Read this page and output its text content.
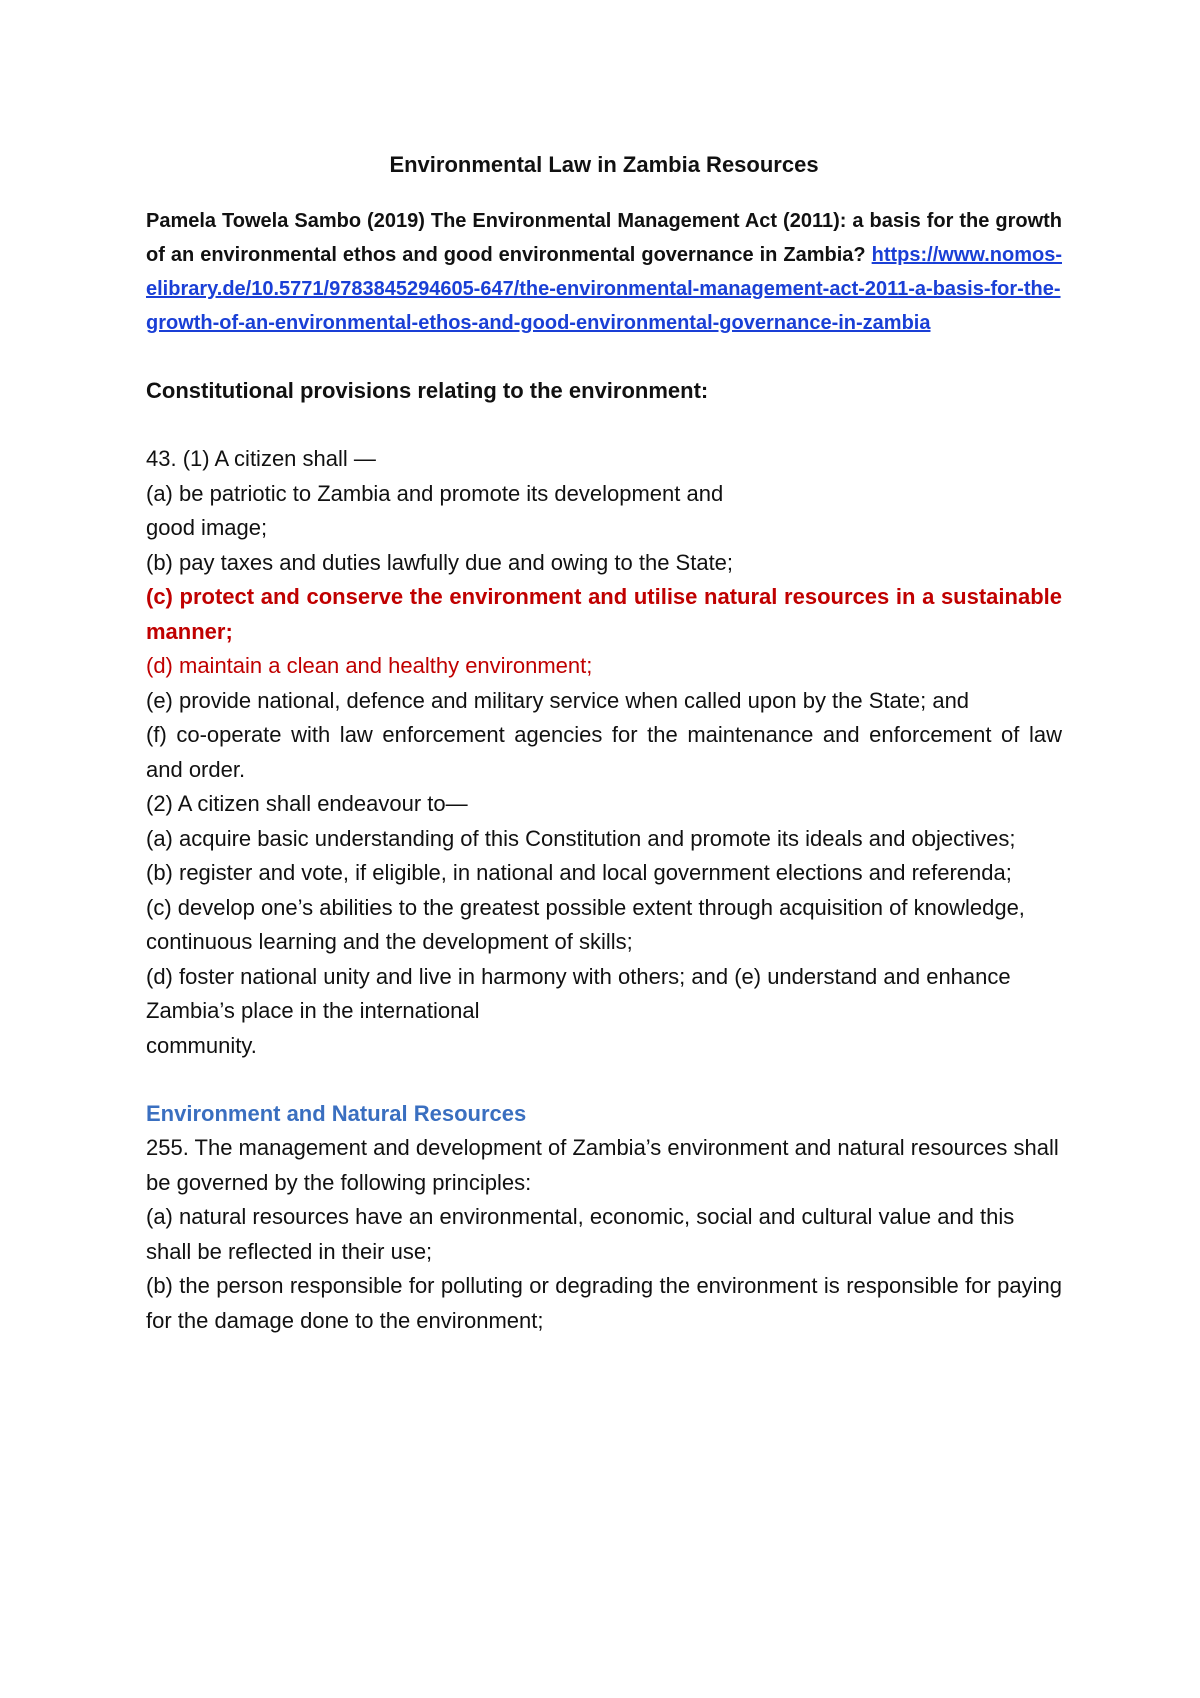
Environmental Law in Zambia Resources

Pamela Towela Sambo (2019) The Environmental Management Act (2011): a basis for the growth of an environmental ethos and good environmental governance in Zambia? https://www.nomos-elibrary.de/10.5771/9783845294605-647/the-environmental-management-act-2011-a-basis-for-the-growth-of-an-environmental-ethos-and-good-environmental-governance-in-zambia

Constitutional provisions relating to the environment:

43. (1) A citizen shall —

(a) be patriotic to Zambia and promote its development and

good image;

(b) pay taxes and duties lawfully due and owing to the State;

(c) protect and conserve the environment and utilise natural resources in a sustainable manner;

(d) maintain a clean and healthy environment;

(e) provide national, defence and military service when called upon by the State; and

(f) co-operate with law enforcement agencies for the maintenance and enforcement of law and order.

(2) A citizen shall endeavour to—

(a) acquire basic understanding of this Constitution and promote its ideals and objectives;

(b) register and vote, if eligible, in national and local government elections and referenda;

(c) develop one’s abilities to the greatest possible extent through acquisition of knowledge, continuous learning and the development of skills;

(d) foster national unity and live in harmony with others; and (e) understand and enhance Zambia’s place in the international

community.

Environment and Natural Resources

255. The management and development of Zambia’s environment and natural resources shall be governed by the following principles:

(a) natural resources have an environmental, economic, social and cultural value and this shall be reflected in their use;

(b) the person responsible for polluting or degrading the environment is responsible for paying for the damage done to the environment;
